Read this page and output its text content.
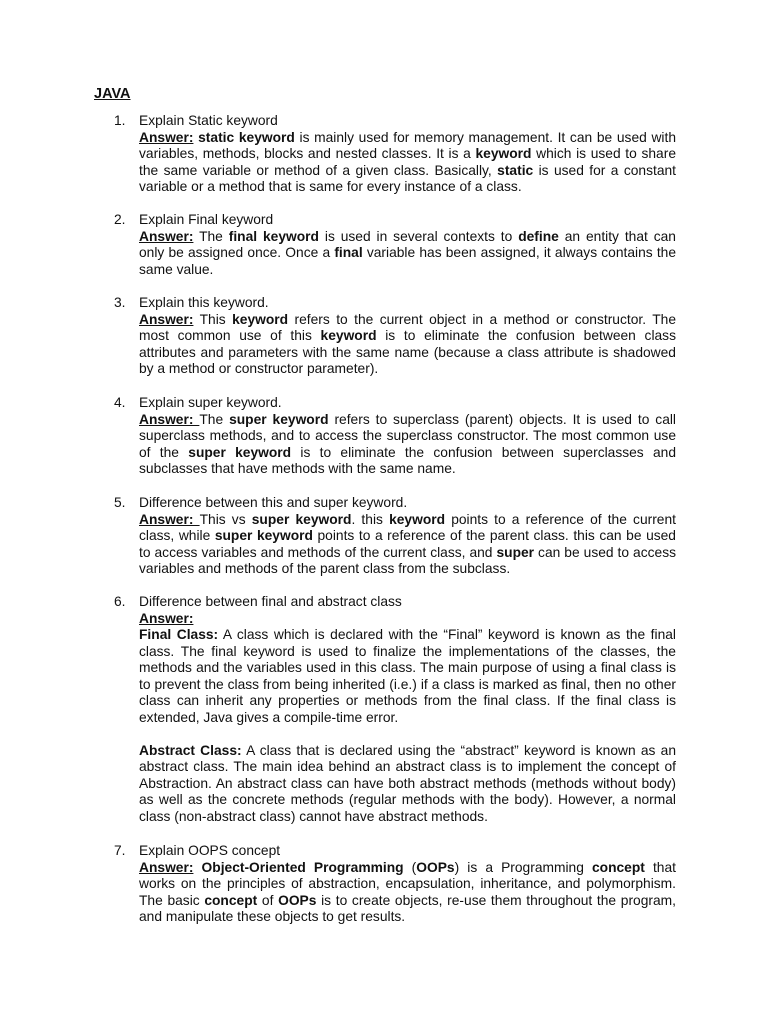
JAVA
1. Explain Static keyword
Answer: static keyword is mainly used for memory management. It can be used with variables, methods, blocks and nested classes. It is a keyword which is used to share the same variable or method of a given class. Basically, static is used for a constant variable or a method that is same for every instance of a class.
2. Explain Final keyword
Answer: The final keyword is used in several contexts to define an entity that can only be assigned once. Once a final variable has been assigned, it always contains the same value.
3. Explain this keyword.
Answer: This keyword refers to the current object in a method or constructor. The most common use of this keyword is to eliminate the confusion between class attributes and parameters with the same name (because a class attribute is shadowed by a method or constructor parameter).
4. Explain super keyword.
Answer: The super keyword refers to superclass (parent) objects. It is used to call superclass methods, and to access the superclass constructor. The most common use of the super keyword is to eliminate the confusion between superclasses and subclasses that have methods with the same name.
5. Difference between this and super keyword.
Answer: This vs super keyword. this keyword points to a reference of the current class, while super keyword points to a reference of the parent class. this can be used to access variables and methods of the current class, and super can be used to access variables and methods of the parent class from the subclass.
6. Difference between final and abstract class
Answer:

Final Class: A class which is declared with the “Final” keyword is known as the final class. The final keyword is used to finalize the implementations of the classes, the methods and the variables used in this class. The main purpose of using a final class is to prevent the class from being inherited (i.e.) if a class is marked as final, then no other class can inherit any properties or methods from the final class. If the final class is extended, Java gives a compile-time error.

Abstract Class: A class that is declared using the “abstract” keyword is known as an abstract class. The main idea behind an abstract class is to implement the concept of Abstraction. An abstract class can have both abstract methods (methods without body) as well as the concrete methods (regular methods with the body). However, a normal class (non-abstract class) cannot have abstract methods.

7. Explain OOPS concept
Answer: Object-Oriented Programming (OOPs) is a Programming concept that works on the principles of abstraction, encapsulation, inheritance, and polymorphism. The basic concept of OOPs is to create objects, re-use them throughout the program, and manipulate these objects to get results.
